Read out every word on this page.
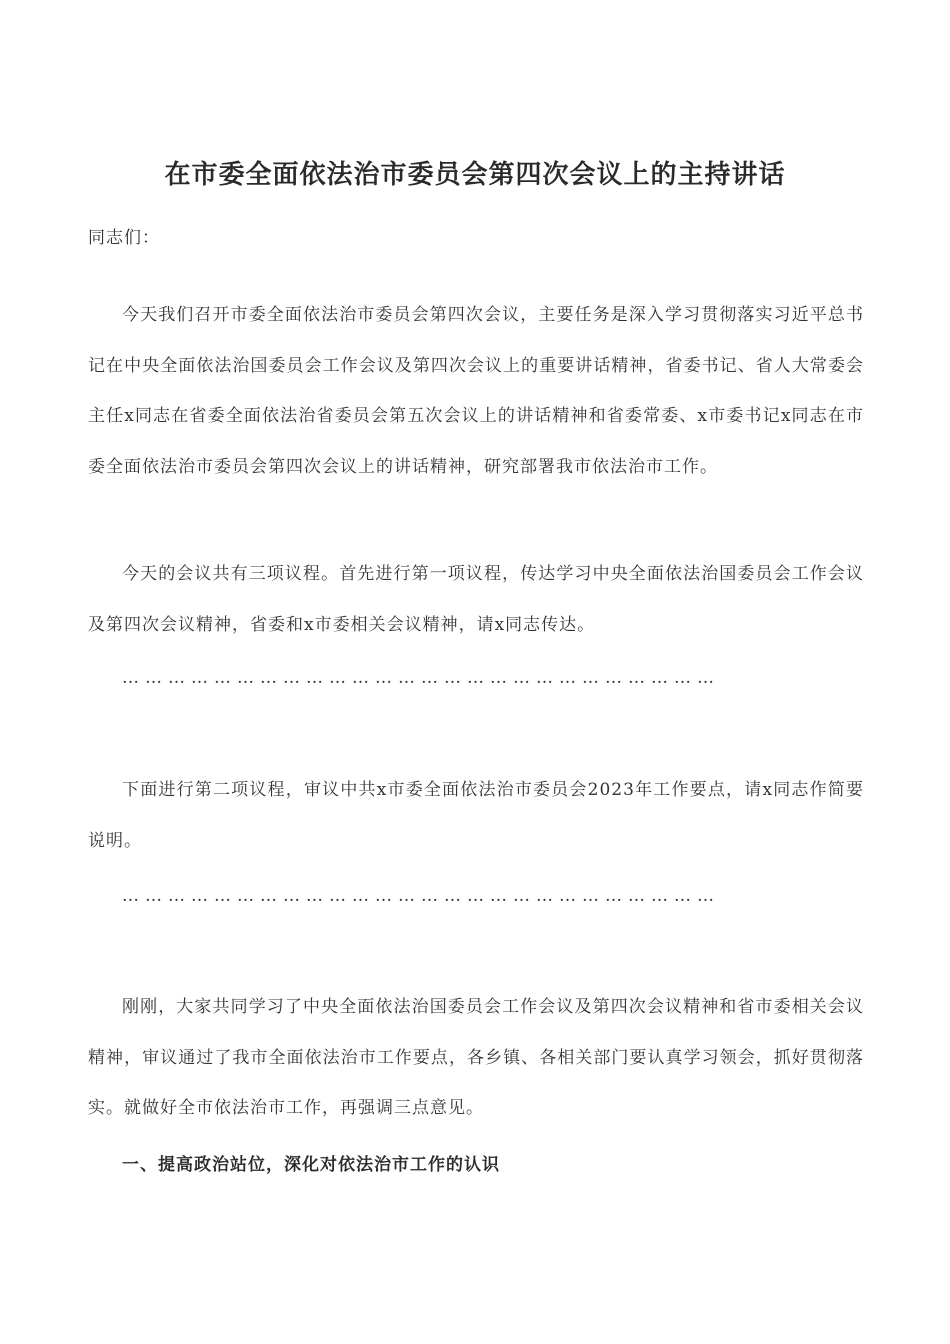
在市委全面依法治市委员会第四次会议上的主持讲话

同志们：

今天我们召开市委全面依法治市委员会第四次会议，主要任务是深入学习贯彻落实习近平总书记在中央全面依法治国委员会工作会议及第四次会议上的重要讲话精神，省委书记、省人大常委会主任x同志在省委全面依法治省委员会第五次会议上的讲话精神和省委常委、x市委书记x同志在市委全面依法治市委员会第四次会议上的讲话精神，研究部署我市依法治市工作。

今天的会议共有三项议程。首先进行第一项议程，传达学习中央全面依法治国委员会工作会议及第四次会议精神，省委和x市委相关会议精神，请x同志传达。

……………………………………………………………………

下面进行第二项议程，审议中共x市委全面依法治市委员会2023年工作要点，请x同志作简要说明。

……………………………………………………………………

刚刚，大家共同学习了中央全面依法治国委员会工作会议及第四次会议精神和省市委相关会议精神，审议通过了我市全面依法治市工作要点，各乡镇、各相关部门要认真学习领会，抓好贯彻落实。就做好全市依法治市工作，再强调三点意见。

一、提高政治站位，深化对依法治市工作的认识
